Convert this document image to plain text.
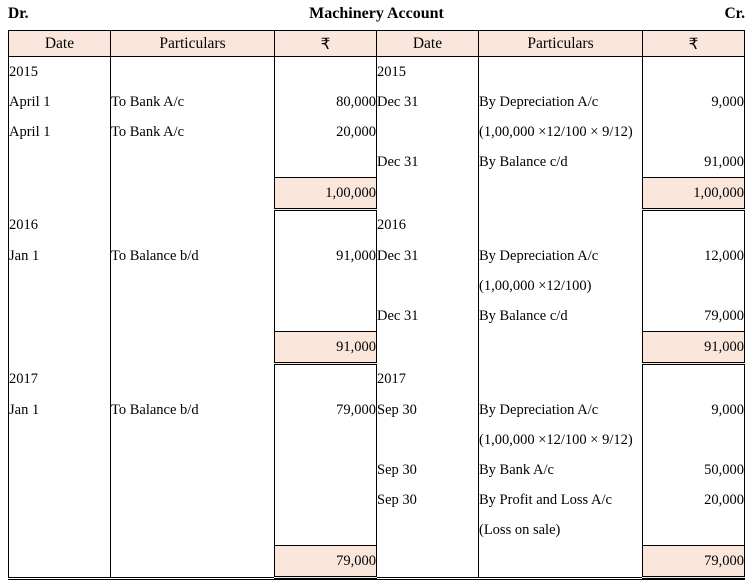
Dr.	Machinery Account	Cr.
Date	Particulars	₹	Date	Particulars	₹
2015			2015		
April 1	To Bank A/c	80,000	Dec 31	By Depreciation A/c	9,000
April 1	To Bank A/c	20,000		(1,00,000 ×12/100 × 9/12)	
			Dec 31	By Balance c/d	91,000
		1,00,000			1,00,000
2016			2016		
Jan 1	To Balance b/d	91,000	Dec 31	By Depreciation A/c	12,000
				(1,00,000 ×12/100)	
			Dec 31	By Balance c/d	79,000
		91,000			91,000
2017			2017		
Jan 1	To Balance b/d	79,000	Sep 30	By Depreciation A/c	9,000
				(1,00,000 ×12/100 × 9/12)	
			Sep 30	By Bank A/c	50,000
			Sep 30	By Profit and Loss A/c	20,000
				(Loss on sale)	
		79,000			79,000
